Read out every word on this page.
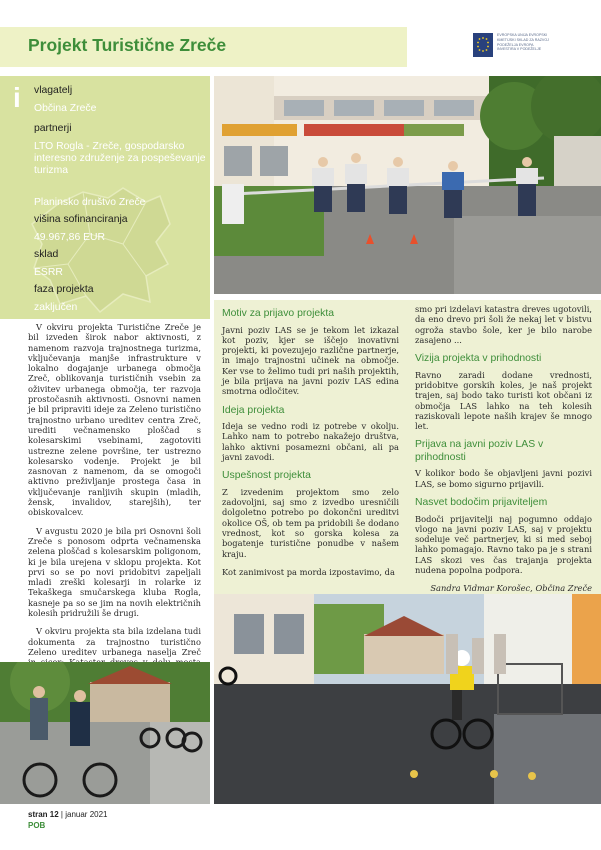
Projekt Turistične Zreče	EVROPSKA UNIJA EVROPSKI KMETIJSKI SKLAD ZA RAZVOJ PODEŽELJA EVROPA INVESTIRA V PODEŽELJE
i vlagatelj
Občina Zreče
partnerji
LTO Rogla - Zreče, gospodarsko interesno združenje za pospeševanje turizma
Planinsko društvo Zreče
višina sofinanciranja
49.967,86 EUR
sklad
ESRR
faza projekta
zaključen

V okviru projekta Turistične Zreče je bil izveden širok nabor aktivnosti, z namenom razvoja trajnostnega turizma, vključevanja manjše infrastrukture v lokalno dogajanje urbanega območja Zreč, oblikovanja turističnih vsebin za oživitev urbanega območja, ter razvoja prostočasnih aktivnosti. Osnovni namen je bil pripraviti ideje za Zeleno turistično trajnostno urbano ureditev centra Zreč, urediti večnamensko ploščad s kolesarskimi vsebinami, zagotoviti ustrezne zelene površine, ter ustrezno kolesarsko vodenje. Projekt je bil zasnovan z namenom, da se omogoči aktivno preživljanje prostega časa in vključevanje ranljivih skupin (mladih, žensk, invalidov, starejših), ter obiskovalcev.

V avgustu 2020 je bila pri Osnovni šoli Zreče s ponosom odprta večnamenska zelena ploščad s kolesarskim poligonom, ki je bila urejena v sklopu projekta. Kot prvi so se po novi pridobitvi zapeljali mladi zreški kolesarji in rolarke iz Tekaškega smučarskega kluba Rogla, kasneje pa so se jim na novih električnih kolesih pridružili še drugi.

V okviru projekta sta bila izdelana tudi dokumenta za trajnostno turistično Zeleno ureditev urbanega naselja Zreč

Motiv za prijavo projekta

Javni poziv LAS se je tekom let izkazal kot poziv, kjer se iščejo inovativni projekti, ki povezujejo različne partnerje, in imajo trajnostni učinek na območje. Ker vse to želimo tudi pri naših projektih, je bila prijava na javni poziv LAS edina smotrna odločitev.

Ideja projekta

Ideja se vedno rodi iz potrebe v okolju. Lahko nam to potrebo nakažejo društva, lahko aktivni posamezni občani, ali pa javni zavodi.

Uspešnost projekta

Z izvedenim projektom smo zelo zadovoljni, saj smo z izvedbo uresničili dolgoletno potrebo po dokončni ureditvi okolice OŠ, ob tem pa pridobili še dodano vrednost, kot so gorska kolesa za bogatenje turistične ponudbe v našem kraju.

Kot zanimivost pa morda izpostavimo, da

smo pri izdelavi katastra dreves ugotovili, da eno drevo pri šoli že nekaj let v bistvu ogroža stavbo šole, ker je bilo narobe zasajeno ...

Vizija projekta v prihodnosti

Ravno zaradi dodane vrednosti, pridobitve gorskih koles, je naš projekt trajen, saj bodo tako turisti kot občani iz območja LAS lahko na teh kolesih raziskovali lepote naših krajev še mnogo let.

Prijava na javni poziv LAS v prihodnosti

V kolikor bodo še objavljeni javni pozivi LAS, se bomo sigurno prijavili.

Nasvet bodočim prijaviteljem

Bodoči prijavitelji naj pogumno oddajo vlogo na javni poziv LAS, saj v projektu sodeluje več partnerjev, ki si med seboj lahko pomagajo. Ravno tako pa je s strani LAS skozi ves čas trajanja projekta nudena popolna podpora.

Sandra Vidmar Korošec, Občina Zreče

stran 12 | januar 2021
POB
